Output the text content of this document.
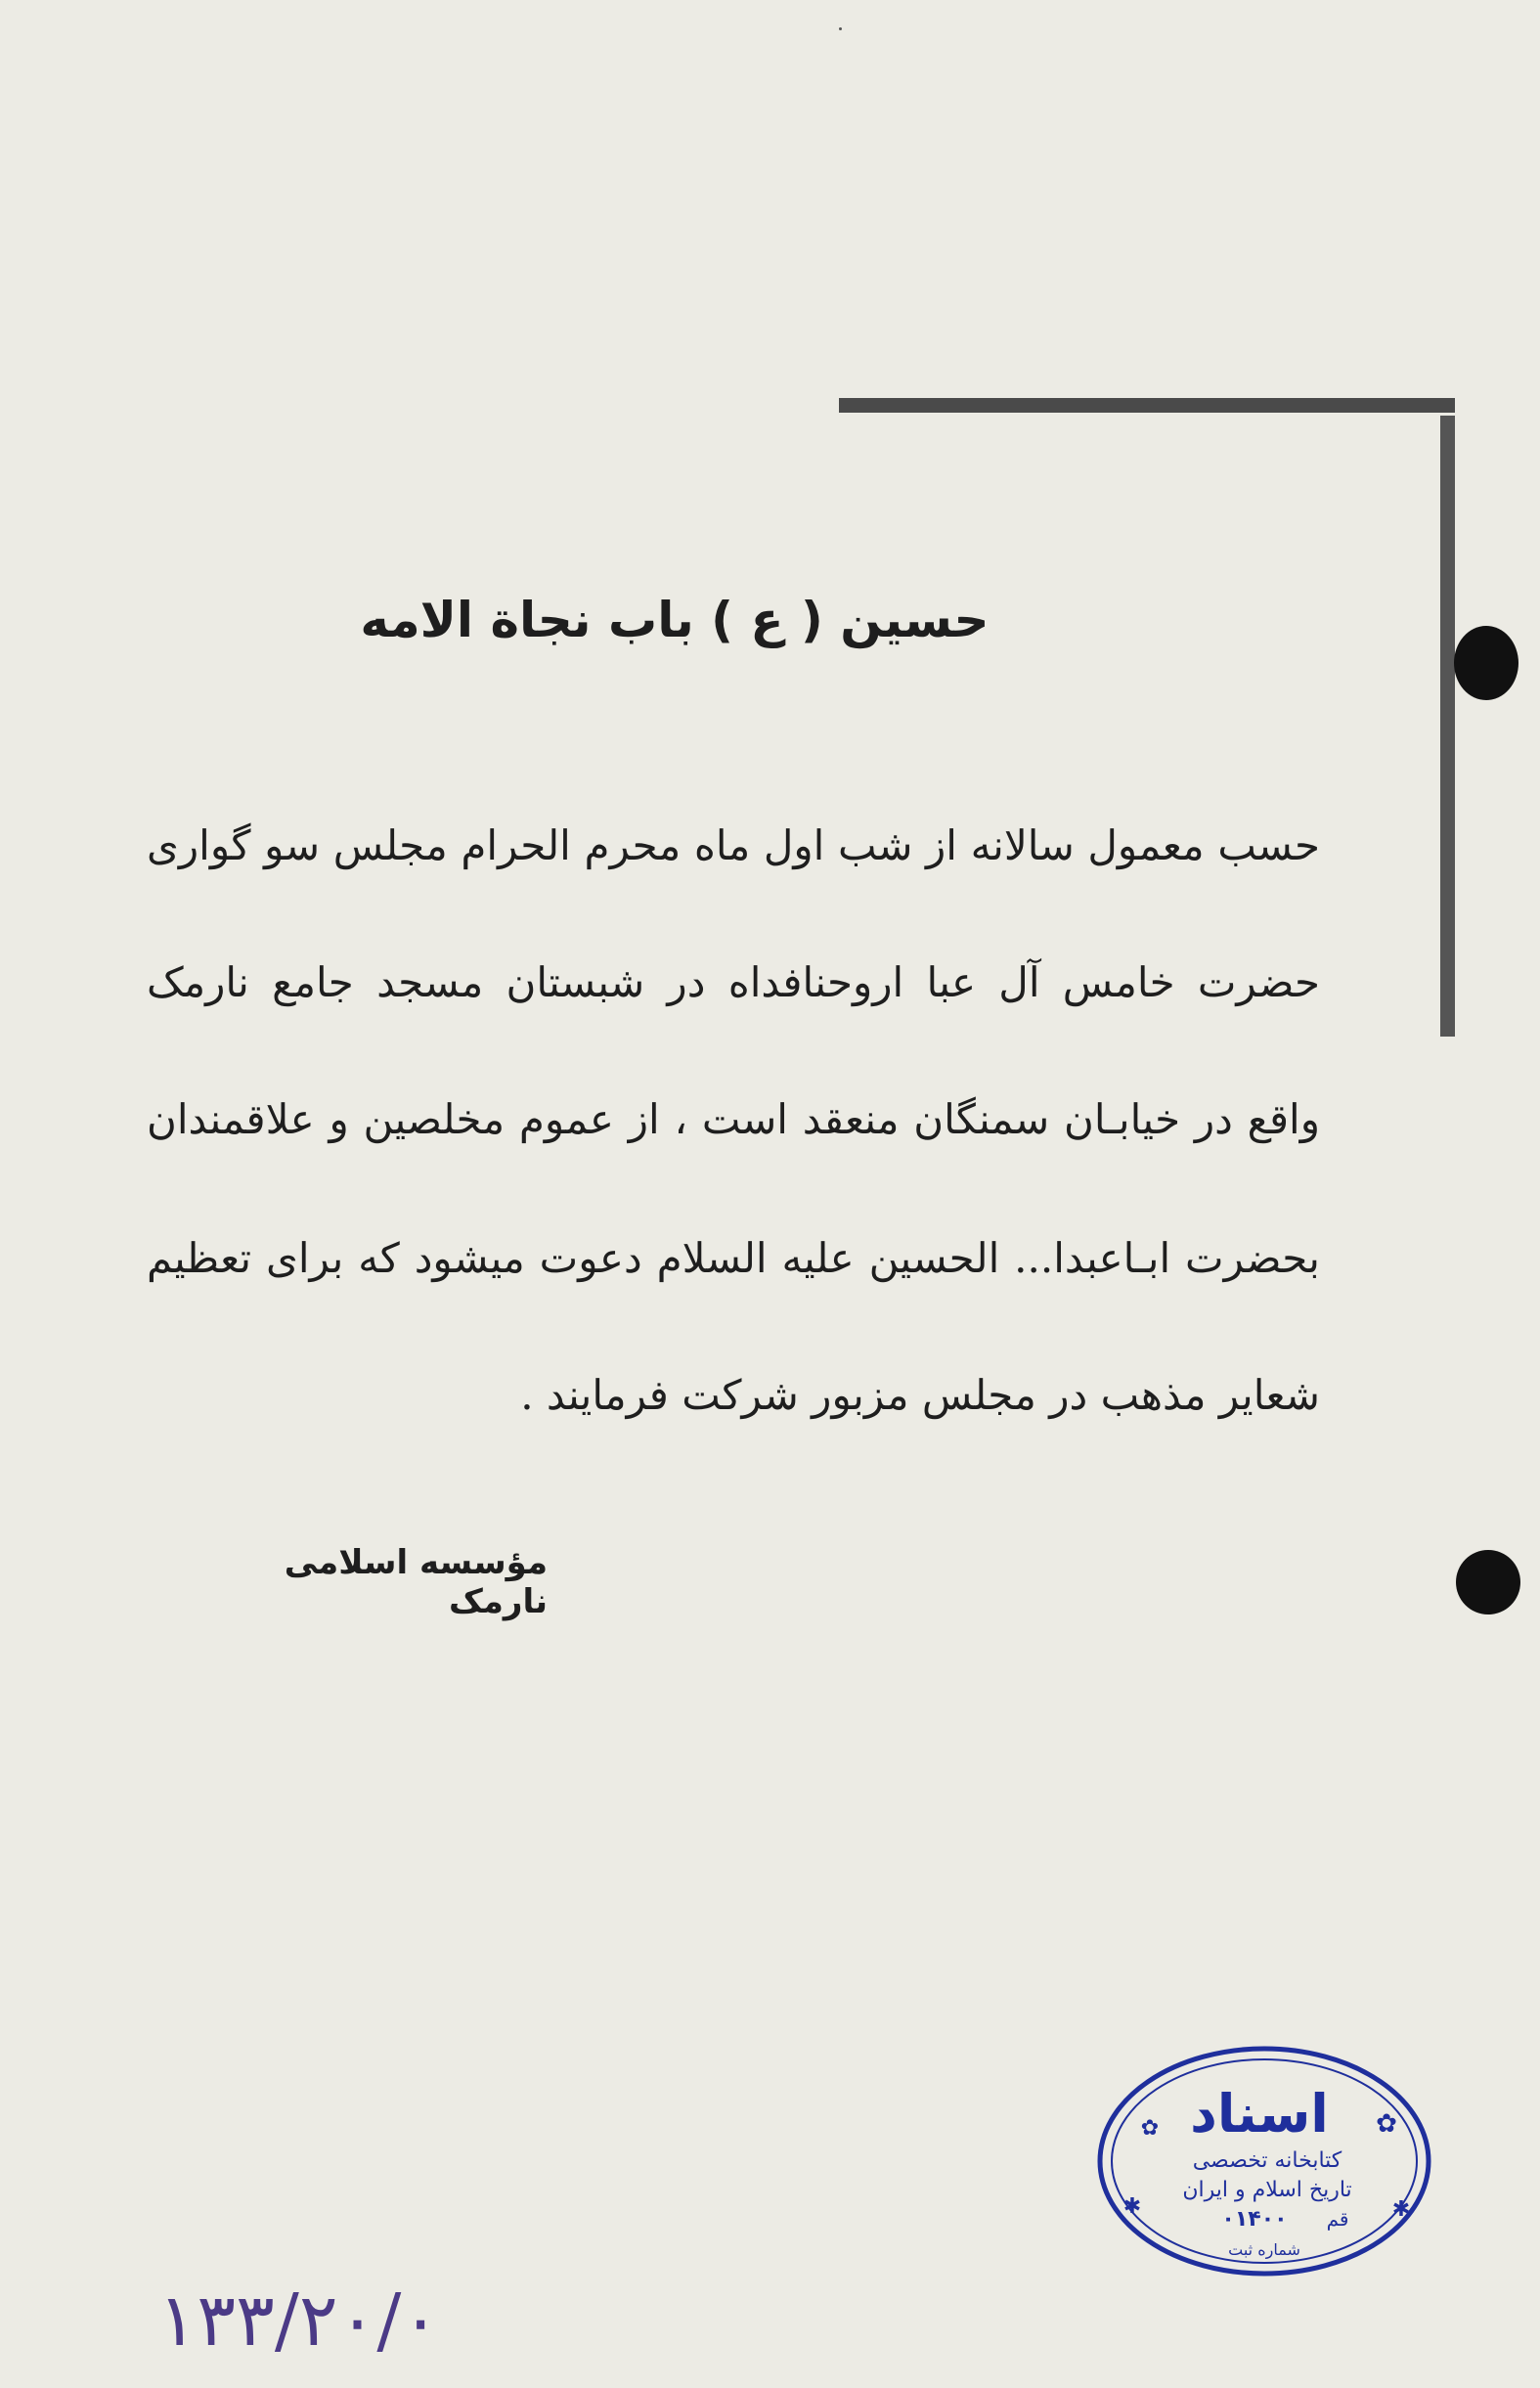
حسین ( ع ) باب نجاة الامه
حسب معمول سالانه از شب اول ماه محرم الحرام مجلس سو گواری
حضرت خامس آل عبا اروحنافداه در شبستان مسجد جامع نارمک
واقع در خیابـان سمنگان منعقد است ، از عموم مخلصین و علاقمندان
بحضرت ابـاعبدا... الحسین علیه السلام دعوت میشود که برای تعظیم
شعایر مذهب در مجلس مزبور شرکت فرمایند .
مؤسسه اسلامی نارمک
اسناد
کتابخانه تخصصی
تاریخ اسلام و ایران
قم
۰۱۴۰۰
شماره ثبت
✿
✿
✱
✱
۱۳۳/۲۰/۰
